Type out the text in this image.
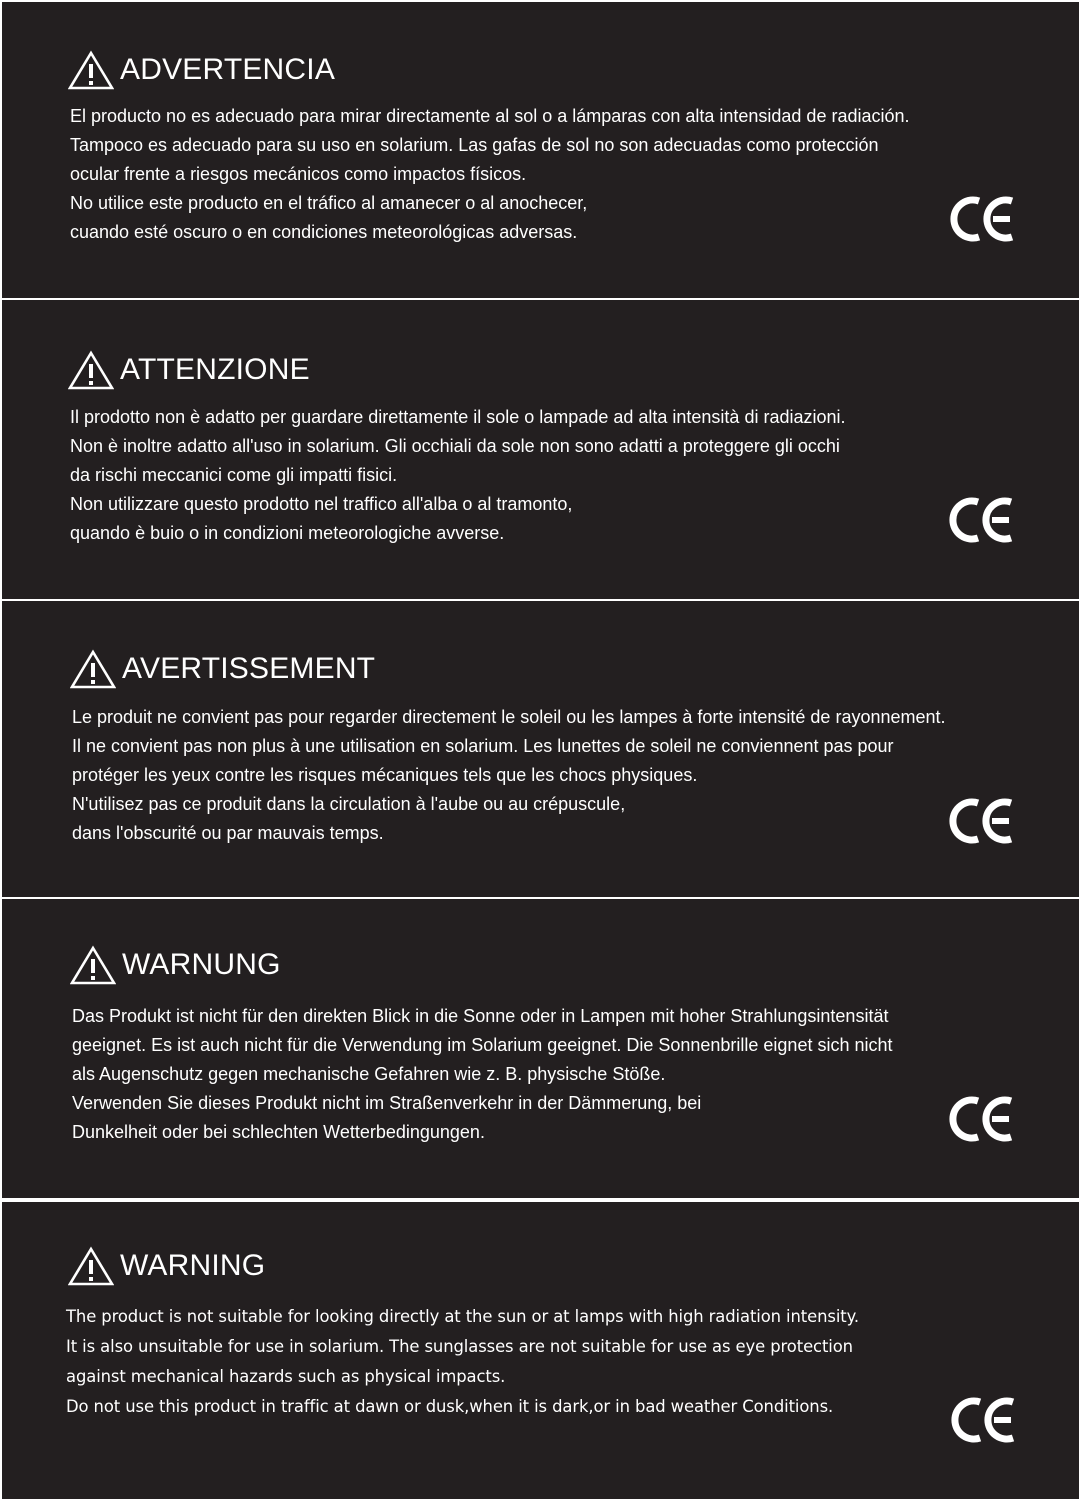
ADVERTENCIA

El producto no es adecuado para mirar directamente al sol o a lámparas con alta intensidad de radiación.

Tampoco es adecuado para su uso en solarium. Las gafas de sol no son adecuadas como protección

ocular frente a riesgos mecánicos como impactos físicos.

No utilice este producto en el tráfico al amanecer o al anochecer,

cuando esté oscuro o en condiciones meteorológicas adversas.

ATTENZIONE

Il prodotto non è adatto per guardare direttamente il sole o lampade ad alta intensità di radiazioni.

Non è inoltre adatto all'uso in solarium. Gli occhiali da sole non sono adatti a proteggere gli occhi

da rischi meccanici come gli impatti fisici.

Non utilizzare questo prodotto nel traffico all'alba o al tramonto,

quando è buio o in condizioni meteorologiche avverse.

AVERTISSEMENT

Le produit ne convient pas pour regarder directement le soleil ou les lampes à forte intensité de rayonnement.

Il ne convient pas non plus à une utilisation en solarium. Les lunettes de soleil ne conviennent pas pour

protéger les yeux contre les risques mécaniques tels que les chocs physiques.

N'utilisez pas ce produit dans la circulation à l'aube ou au crépuscule,

dans l'obscurité ou par mauvais temps.

WARNUNG

Das Produkt ist nicht für den direkten Blick in die Sonne oder in Lampen mit hoher Strahlungsintensität

geeignet. Es ist auch nicht für die Verwendung im Solarium geeignet. Die Sonnenbrille eignet sich nicht

als Augenschutz gegen mechanische Gefahren wie z. B. physische Stöße.

Verwenden Sie dieses Produkt nicht im Straßenverkehr in der Dämmerung, bei

Dunkelheit oder bei schlechten Wetterbedingungen.

WARNING

The product is not suitable for looking directly at the sun or at lamps with high radiation intensity.

It is also unsuitable for use in solarium. The sunglasses are not suitable for use as eye protection

against mechanical hazards such as physical impacts.

Do not use this product in traffic at dawn or dusk,when it is dark,or in bad weather Conditions.
